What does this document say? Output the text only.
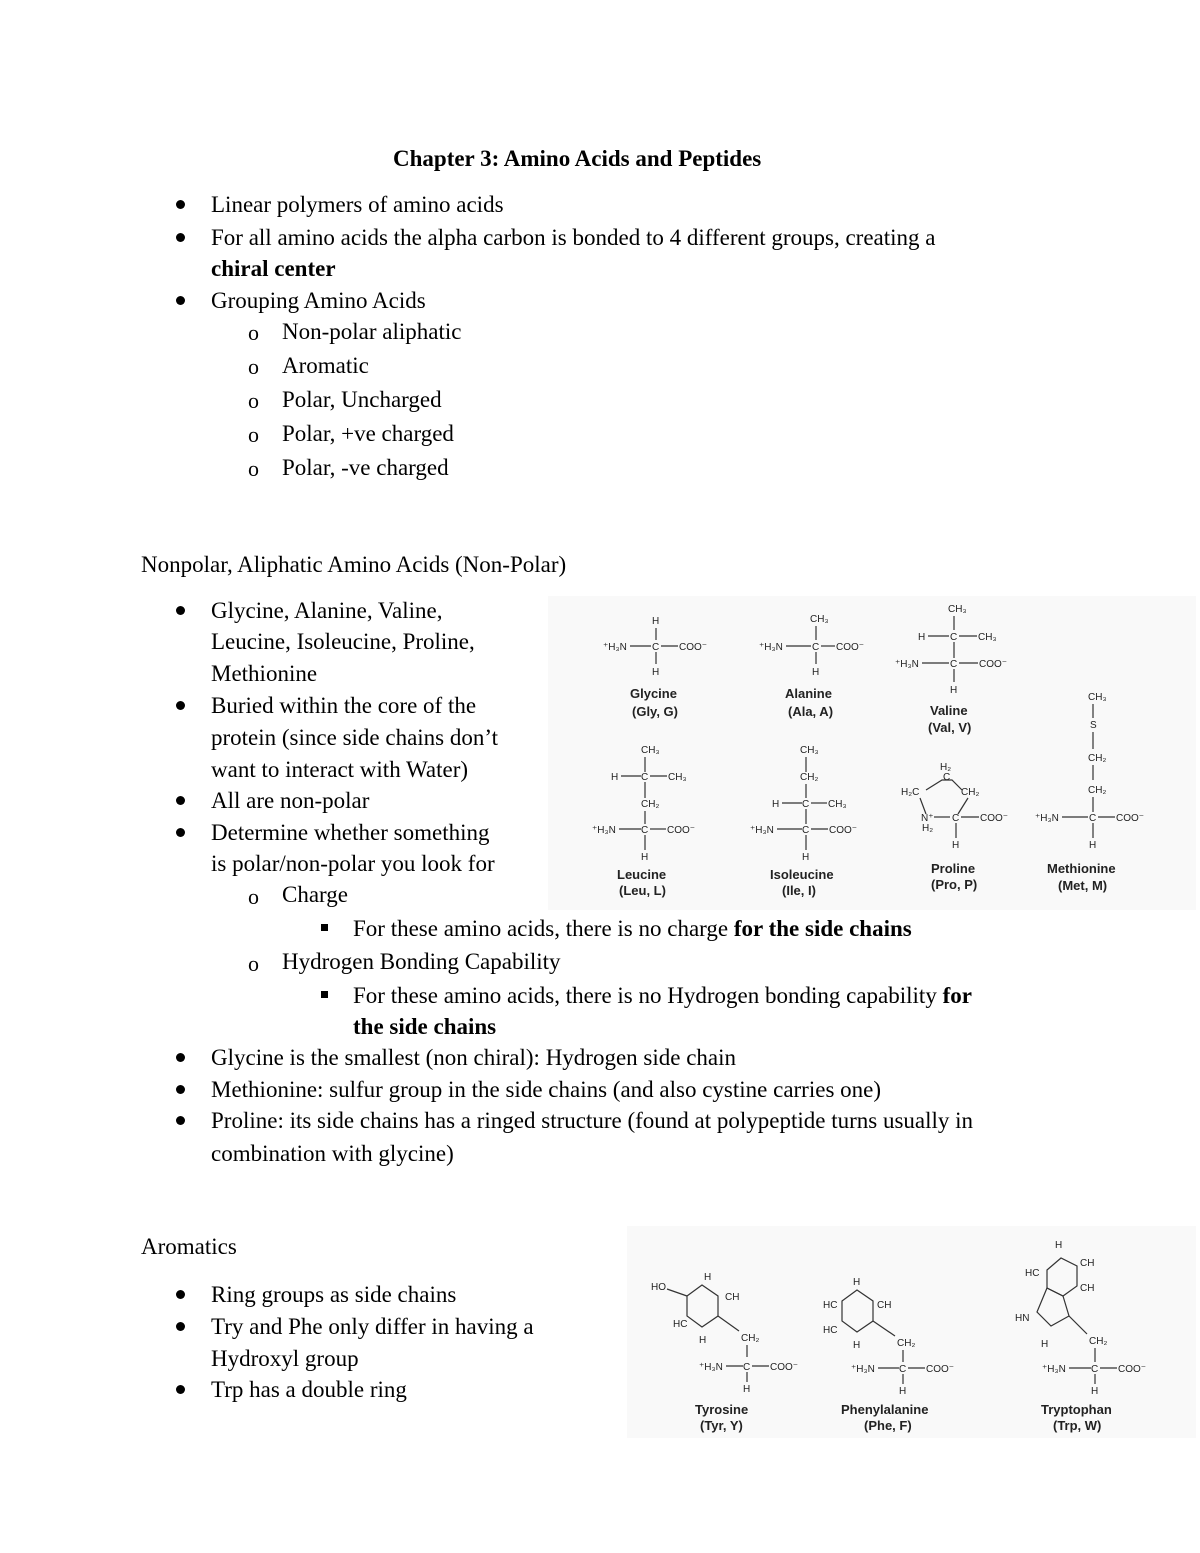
Chapter 3: Amino Acids and Peptides
Linear polymers of amino acids
For all amino acids the alpha carbon is bonded to 4 different groups, creating a
chiral center
Grouping Amino Acids
o Non-polar aliphatic
o Aromatic
o Polar, Uncharged
o Polar, +ve charged
o Polar, -ve charged
Nonpolar, Aliphatic Amino Acids (Non-Polar)
Glycine, Alanine, Valine,
Leucine, Isoleucine, Proline,
Methionine
Buried within the core of the
protein (since side chains don’t
want to interact with Water)
All are non-polar
Determine whether something
is polar/non-polar you look for
o Charge
For these amino acids, there is no charge for the side chains
o Hydrogen Bonding Capability
For these amino acids, there is no Hydrogen bonding capability for
the side chains
Glycine is the smallest (non chiral): Hydrogen side chain
Methionine: sulfur group in the side chains (and also cystine carries one)
Proline: its side chains has a ringed structure (found at polypeptide turns usually in
combination with glycine)
Aromatics
Ring groups as side chains
Try and Phe only differ in having a
Hydroxyl group
Trp has a double ring
H
⁺H₃N	C COO⁻
H
Glycine
(Gly, G)
CH₃
⁺H₃N	C COO⁻
H
Alanine
(Ala, A)
CH₃
H C CH₃
⁺H₃N	C COO⁻
H
Valine
(Val, V)
CH₃
H C CH₃
CH₂
⁺H₃N	C COO⁻
H
Leucine
(Leu, L)
CH₃
CH₂
H C CH₃
⁺H₃N	C COO⁻
H
Isoleucine
(Ile, I)
H₂
C
H₂C	CH₂
N⁺ C COO⁻
H₂
H
Proline
(Pro, P)
CH₃
S
CH₂
CH₂
⁺H₃N	C COO⁻
H
Methionine
(Met, M)
HO
H
CH
HC
H	CH₂
⁺H₃N C COO⁻
H
Tyrosine
(Tyr, Y)
H
HC	CH
HC
H	CH₂
⁺H₃N C COO⁻
H
Phenylalanine
(Phe, F)
H
HC
CH
CH
HN
H	CH₂
⁺H₃N	C COO⁻
H
Tryptophan
(Trp, W)
